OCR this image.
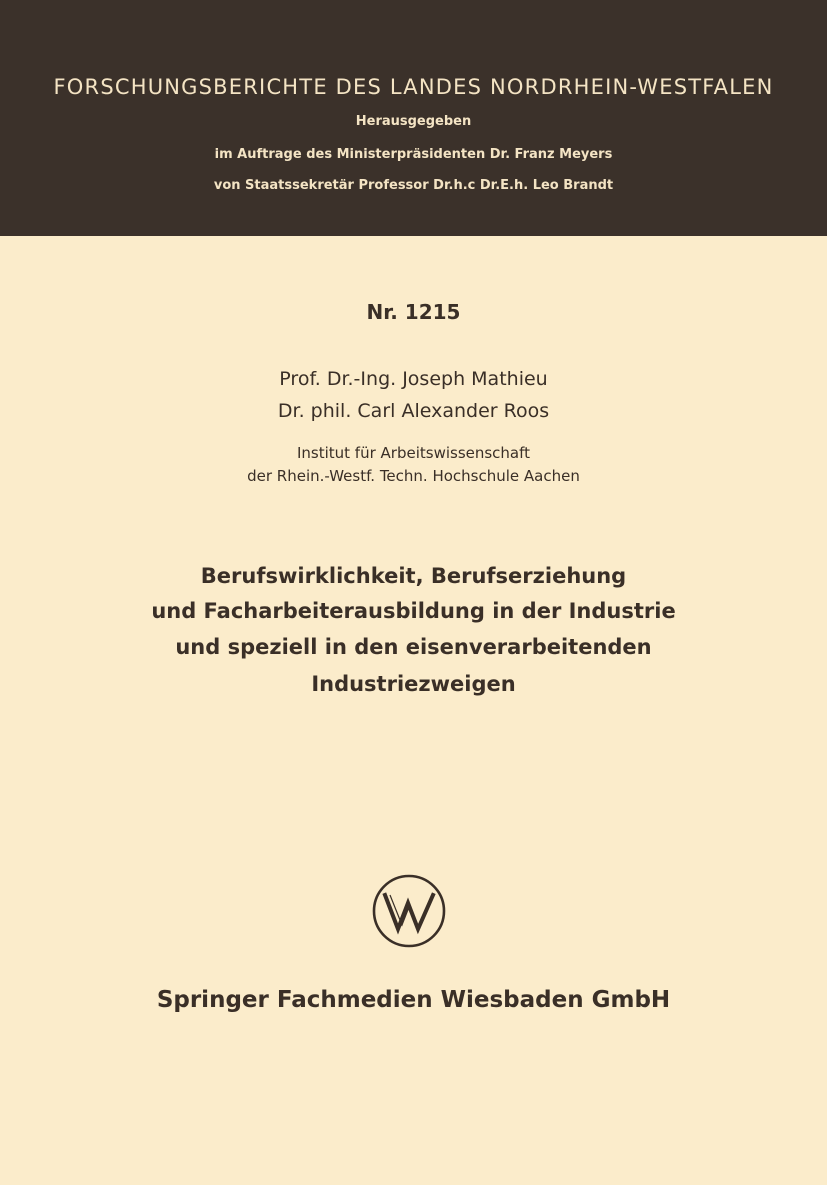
FORSCHUNGSBERICHTE DES LANDES NORDRHEIN-WESTFALEN
Herausgegeben
im Auftrage des Ministerpräsidenten Dr. Franz Meyers
von Staatssekretär Professor Dr.h.c Dr.E.h. Leo Brandt
Nr. 1215
Prof. Dr.-Ing. Joseph Mathieu
Dr. phil. Carl Alexander Roos
Institut für Arbeitswissenschaft
der Rhein.-Westf. Techn. Hochschule Aachen
Berufswirklichkeit, Berufserziehung
und Facharbeiterausbildung in der Industrie
und speziell in den eisenverarbeitenden
Industriezweigen
Springer Fachmedien Wiesbaden GmbH
